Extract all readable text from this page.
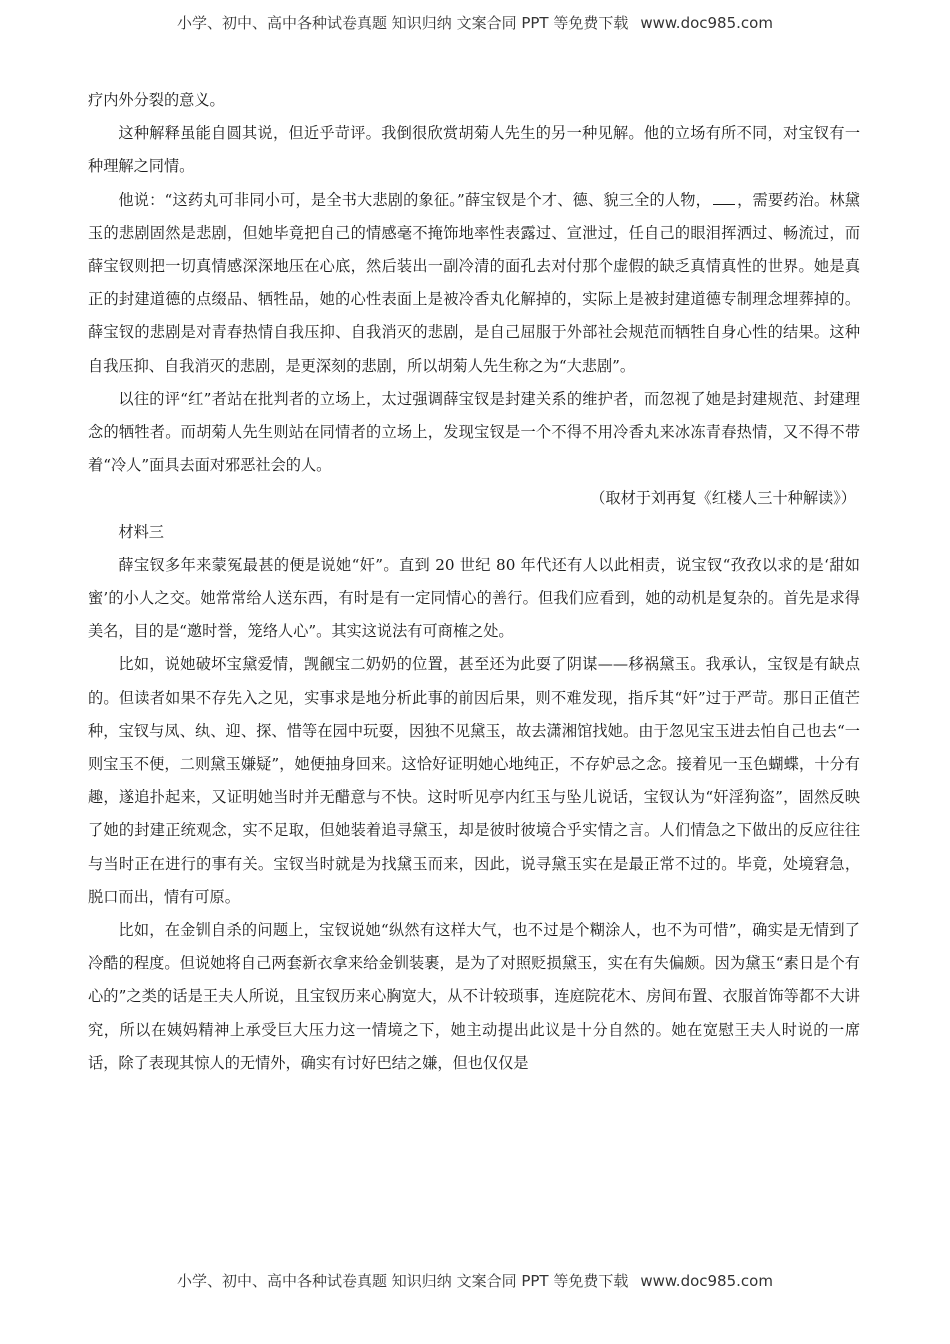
小学、初中、高中各种试卷真题 知识归纳 文案合同 PPT 等免费下载 www.doc985.com

疗内外分裂的意义。

这种解释虽能自圆其说，但近乎苛评。我倒很欣赏胡菊人先生的另一种见解。他的立场有所不同，对宝钗有一种理解之同情。

他说：“这药丸可非同小可，是全书大悲剧的象征。”薛宝钗是个才、德、貌三全的人物， ，需要药治。林黛玉的悲剧固然是悲剧，但她毕竟把自己的情感毫不掩饰地率性表露过、宣泄过，任自己的眼泪挥洒过、畅流过，而薛宝钗则把一切真情感深深地压在心底，然后装出一副冷清的面孔去对付那个虚假的缺乏真情真性的世界。她是真正的封建道德的点缀品、牺牲品，她的心性表面上是被冷香丸化解掉的，实际上是被封建道德专制理念埋葬掉的。薛宝钗的悲剧是对青春热情自我压抑、自我消灭的悲剧，是自己屈服于外部社会规范而牺牲自身心性的结果。这种自我压抑、自我消灭的悲剧，是更深刻的悲剧，所以胡菊人先生称之为“大悲剧”。

以往的评“红”者站在批判者的立场上，太过强调薛宝钗是封建关系的维护者，而忽视了她是封建规范、封建理念的牺牲者。而胡菊人先生则站在同情者的立场上，发现宝钗是一个不得不用冷香丸来冰冻青春热情，又不得不带着“冷人”面具去面对邪恶社会的人。

（取材于刘再复《红楼人三十种解读》）

材料三

薛宝钗多年来蒙冤最甚的便是说她“奸”。直到 20 世纪 80 年代还有人以此相责，说宝钗“孜孜以求的是‘甜如蜜’的小人之交。她常常给人送东西，有时是有一定同情心的善行。但我们应看到，她的动机是复杂的。首先是求得美名，目的是“邀时誉，笼络人心”。其实这说法有可商榷之处。

比如，说她破坏宝黛爱情，觊觎宝二奶奶的位置，甚至还为此耍了阴谋——移祸黛玉。我承认，宝钗是有缺点的。但读者如果不存先入之见，实事求是地分析此事的前因后果，则不难发现，指斥其“奸”过于严苛。那日正值芒种，宝钗与凤、纨、迎、探、惜等在园中玩耍，因独不见黛玉，故去潇湘馆找她。由于忽见宝玉进去怕自己也去“一则宝玉不便，二则黛玉嫌疑”，她便抽身回来。这恰好证明她心地纯正，不存妒忌之念。接着见一玉色蝴蝶，十分有趣，遂追扑起来，又证明她当时并无醋意与不快。这时听见亭内红玉与坠儿说话，宝钗认为“奸淫狗盗”，固然反映了她的封建正统观念，实不足取，但她装着追寻黛玉，却是彼时彼境合乎实情之言。人们情急之下做出的反应往往与当时正在进行的事有关。宝钗当时就是为找黛玉而来，因此，说寻黛玉实在是最正常不过的。毕竟，处境窘急，脱口而出，情有可原。

比如，在金钏自杀的问题上，宝钗说她“纵然有这样大气，也不过是个糊涂人，也不为可惜”，确实是无情到了冷酷的程度。但说她将自己两套新衣拿来给金钏装裹，是为了对照贬损黛玉，实在有失偏颇。因为黛玉“素日是个有心的”之类的话是王夫人所说，且宝钗历来心胸宽大，从不计较琐事，连庭院花木、房间布置、衣服首饰等都不大讲究，所以在姨妈精神上承受巨大压力这一情境之下，她主动提出此议是十分自然的。她在宽慰王夫人时说的一席话，除了表现其惊人的无情外，确实有讨好巴结之嫌，但也仅仅是

小学、初中、高中各种试卷真题 知识归纳 文案合同 PPT 等免费下载 www.doc985.com
